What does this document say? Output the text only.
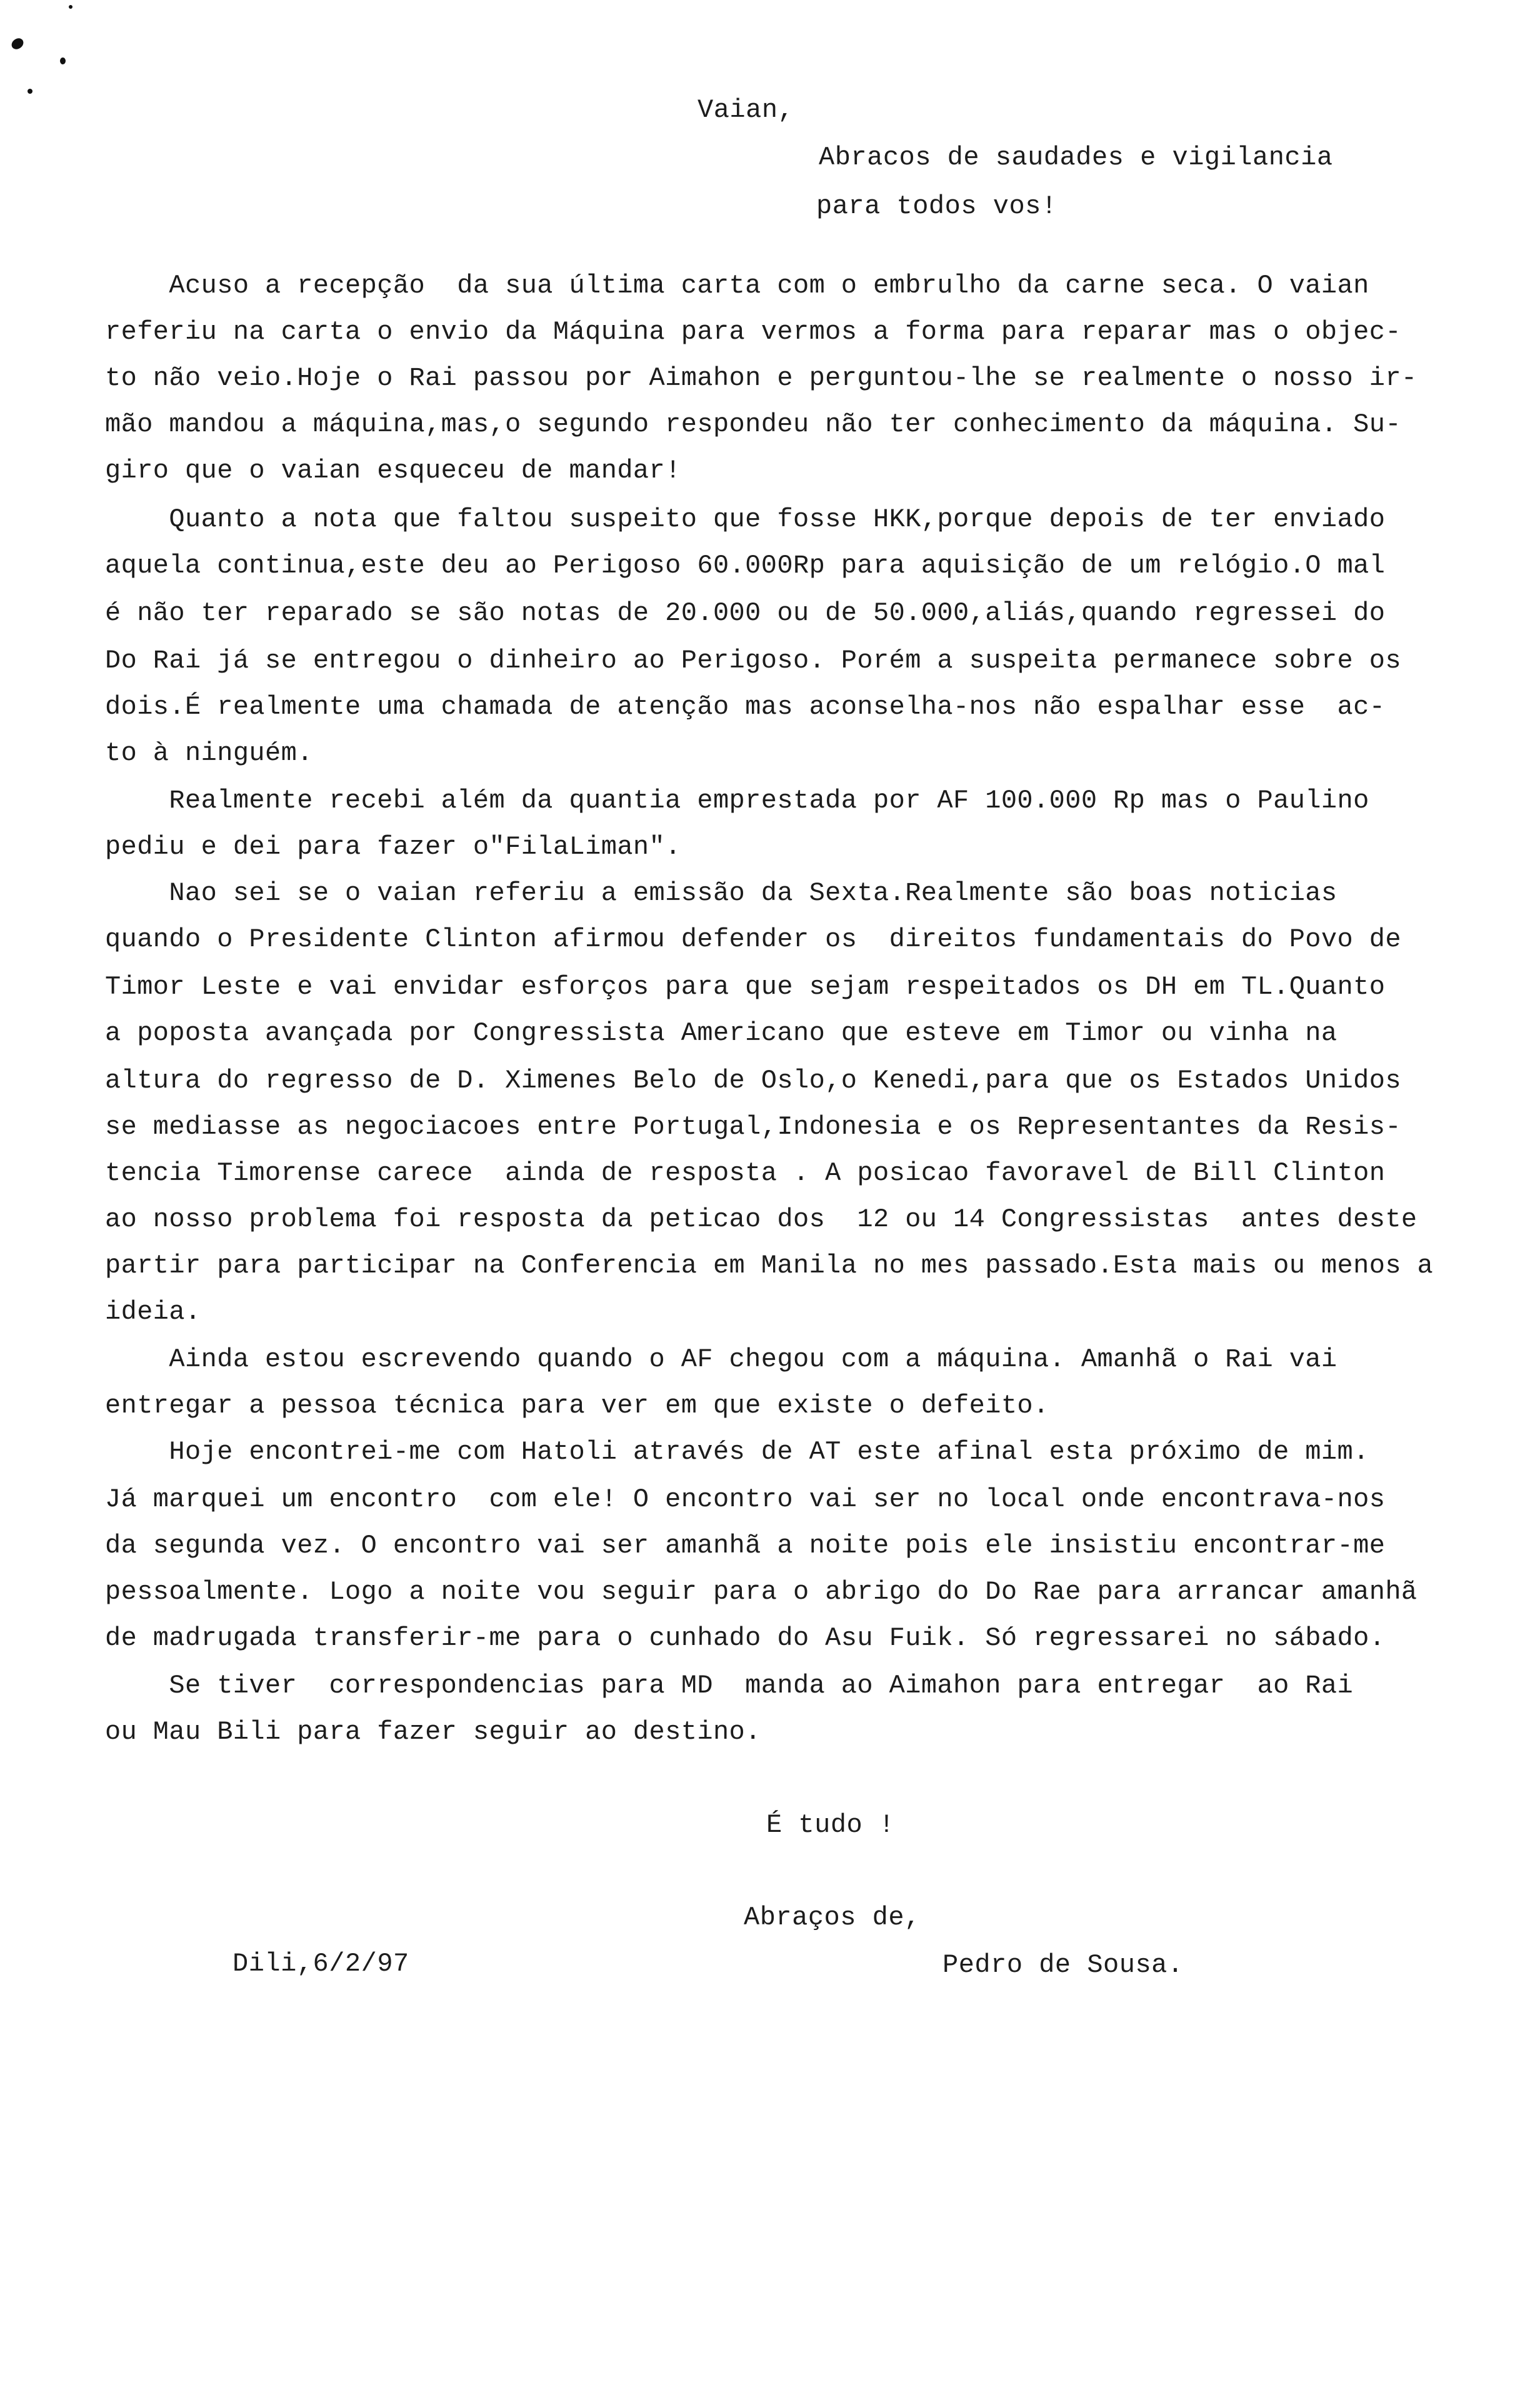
Vaian,
Abracos de saudades e vigilancia
para todos vos!
Acuso a recepção  da sua última carta com o embrulho da carne seca. O vaian
referiu na carta o envio da Máquina para vermos a forma para reparar mas o objec-
to não veio.Hoje o Rai passou por Aimahon e perguntou-lhe se realmente o nosso ir-
mão mandou a máquina,mas,o segundo respondeu não ter conhecimento da máquina. Su-
giro que o vaian esqueceu de mandar!
Quanto a nota que faltou suspeito que fosse HKK,porque depois de ter enviado
aquela continua,este deu ao Perigoso 60.000Rp para aquisição de um relógio.O mal
é não ter reparado se são notas de 20.000 ou de 50.000,aliás,quando regressei do
Do Rai já se entregou o dinheiro ao Perigoso. Porém a suspeita permanece sobre os
dois.É realmente uma chamada de atenção mas aconselha-nos não espalhar esse  ac-
to à ninguém.
Realmente recebi além da quantia emprestada por AF 100.000 Rp mas o Paulino
pediu e dei para fazer o"FilaLiman".
Nao sei se o vaian referiu a emissão da Sexta.Realmente são boas noticias
quando o Presidente Clinton afirmou defender os  direitos fundamentais do Povo de
Timor Leste e vai envidar esforços para que sejam respeitados os DH em TL.Quanto
a poposta avançada por Congressista Americano que esteve em Timor ou vinha na
altura do regresso de D. Ximenes Belo de Oslo,o Kenedi,para que os Estados Unidos
se mediasse as negociacoes entre Portugal,Indonesia e os Representantes da Resis-
tencia Timorense carece  ainda de resposta . A posicao favoravel de Bill Clinton
ao nosso problema foi resposta da peticao dos  12 ou 14 Congressistas  antes deste
partir para participar na Conferencia em Manila no mes passado.Esta mais ou menos a
ideia.
Ainda estou escrevendo quando o AF chegou com a máquina. Amanhã o Rai vai
entregar a pessoa técnica para ver em que existe o defeito.
Hoje encontrei-me com Hatoli através de AT este afinal esta próximo de mim.
Já marquei um encontro  com ele! O encontro vai ser no local onde encontrava-nos
da segunda vez. O encontro vai ser amanhã a noite pois ele insistiu encontrar-me
pessoalmente. Logo a noite vou seguir para o abrigo do Do Rae para arrancar amanhã
de madrugada transferir-me para o cunhado do Asu Fuik. Só regressarei no sábado.
Se tiver  correspondencias para MD  manda ao Aimahon para entregar  ao Rai
ou Mau Bili para fazer seguir ao destino.
É tudo !
Abraços de,
Dili,6/2/97	Pedro de Sousa.
